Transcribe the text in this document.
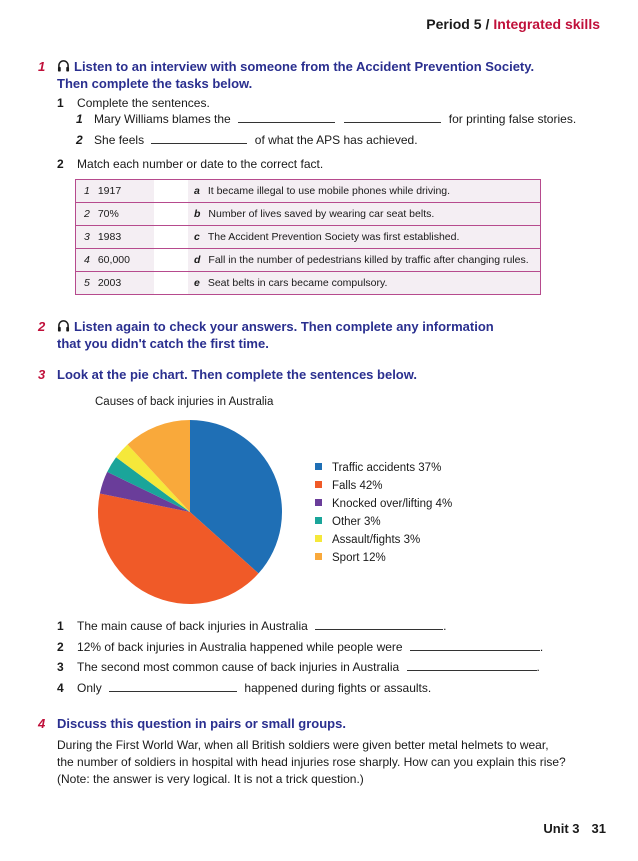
Period 5 / Integrated skills
1	Listen to an interview with someone from the Accident Prevention Society.
Then complete the tasks below.
1 Complete the sentences.
1 Mary Williams blames the	for printing false stories.
2 She feels	of what the APS has achieved.
2 Match each number or date to the correct fact.
1 1917		a It became illegal to use mobile phones while driving.
2 70%		b Number of lives saved by wearing car seat belts.
3 1983		c The Accident Prevention Society was first established.
4 60,000		d Fall in the number of pedestrians killed by traffic after changing rules.
5 2003		e Seat belts in cars became compulsory.
2	Listen again to check your answers. Then complete any information
that you didn't catch the first time.
3 Look at the pie chart. Then complete the sentences below.
Causes of back injuries in Australia
Traffic accidents 37%
Falls 42%
Knocked over/lifting 4%
Other 3%
Assault/fights 3%
Sport 12%
1 The main cause of back injuries in Australia	.
2 12% of back injuries in Australia happened while people were	.
3 The second most common cause of back injuries in Australia	.
4 Only	happened during fights or assaults.
4 Discuss this question in pairs or small groups.
During the First World War, when all British soldiers were given better metal helmets to wear,
the number of soldiers in hospital with head injuries rose sharply. How can you explain this rise?
(Note: the answer is very logical. It is not a trick question.)
Unit 3 31
